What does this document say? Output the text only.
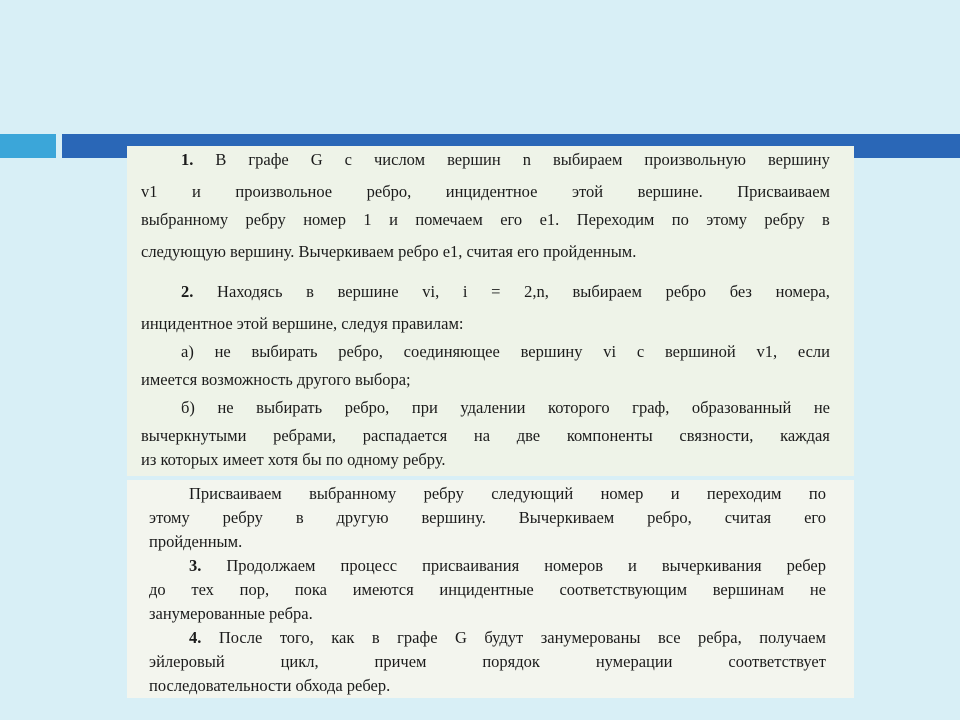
1. В графе G с числом вершин n выбираем произвольную вершину
v1 и произвольное ребро, инцидентное этой вершине. Присваиваем
выбранному ребру номер 1 и помечаем его e1. Переходим по этому ребру в
следующую вершину. Вычеркиваем ребро e1, считая его пройденным.
2. Находясь в вершине vi, i = 2,n, выбираем ребро без номера,
инцидентное этой вершине, следуя правилам:
а) не выбирать ребро, соединяющее вершину vi с вершиной v1, если
имеется возможность другого выбора;
б) не выбирать ребро, при удалении которого граф, образованный не
вычеркнутыми ребрами, распадается на две компоненты связности, каждая
из которых имеет хотя бы по одному ребру.
Присваиваем выбранному ребру следующий номер и переходим по
этому ребру в другую вершину. Вычеркиваем ребро, считая его
пройденным.
3. Продолжаем процесс присваивания номеров и вычеркивания ребер
до тех пор, пока имеются инцидентные соответствующим вершинам не
занумерованные ребра.
4. После того, как в графе G будут занумерованы все ребра, получаем
эйлеровый	цикл,	причем	порядок	нумерации	соответствует
последовательности обхода ребер.
